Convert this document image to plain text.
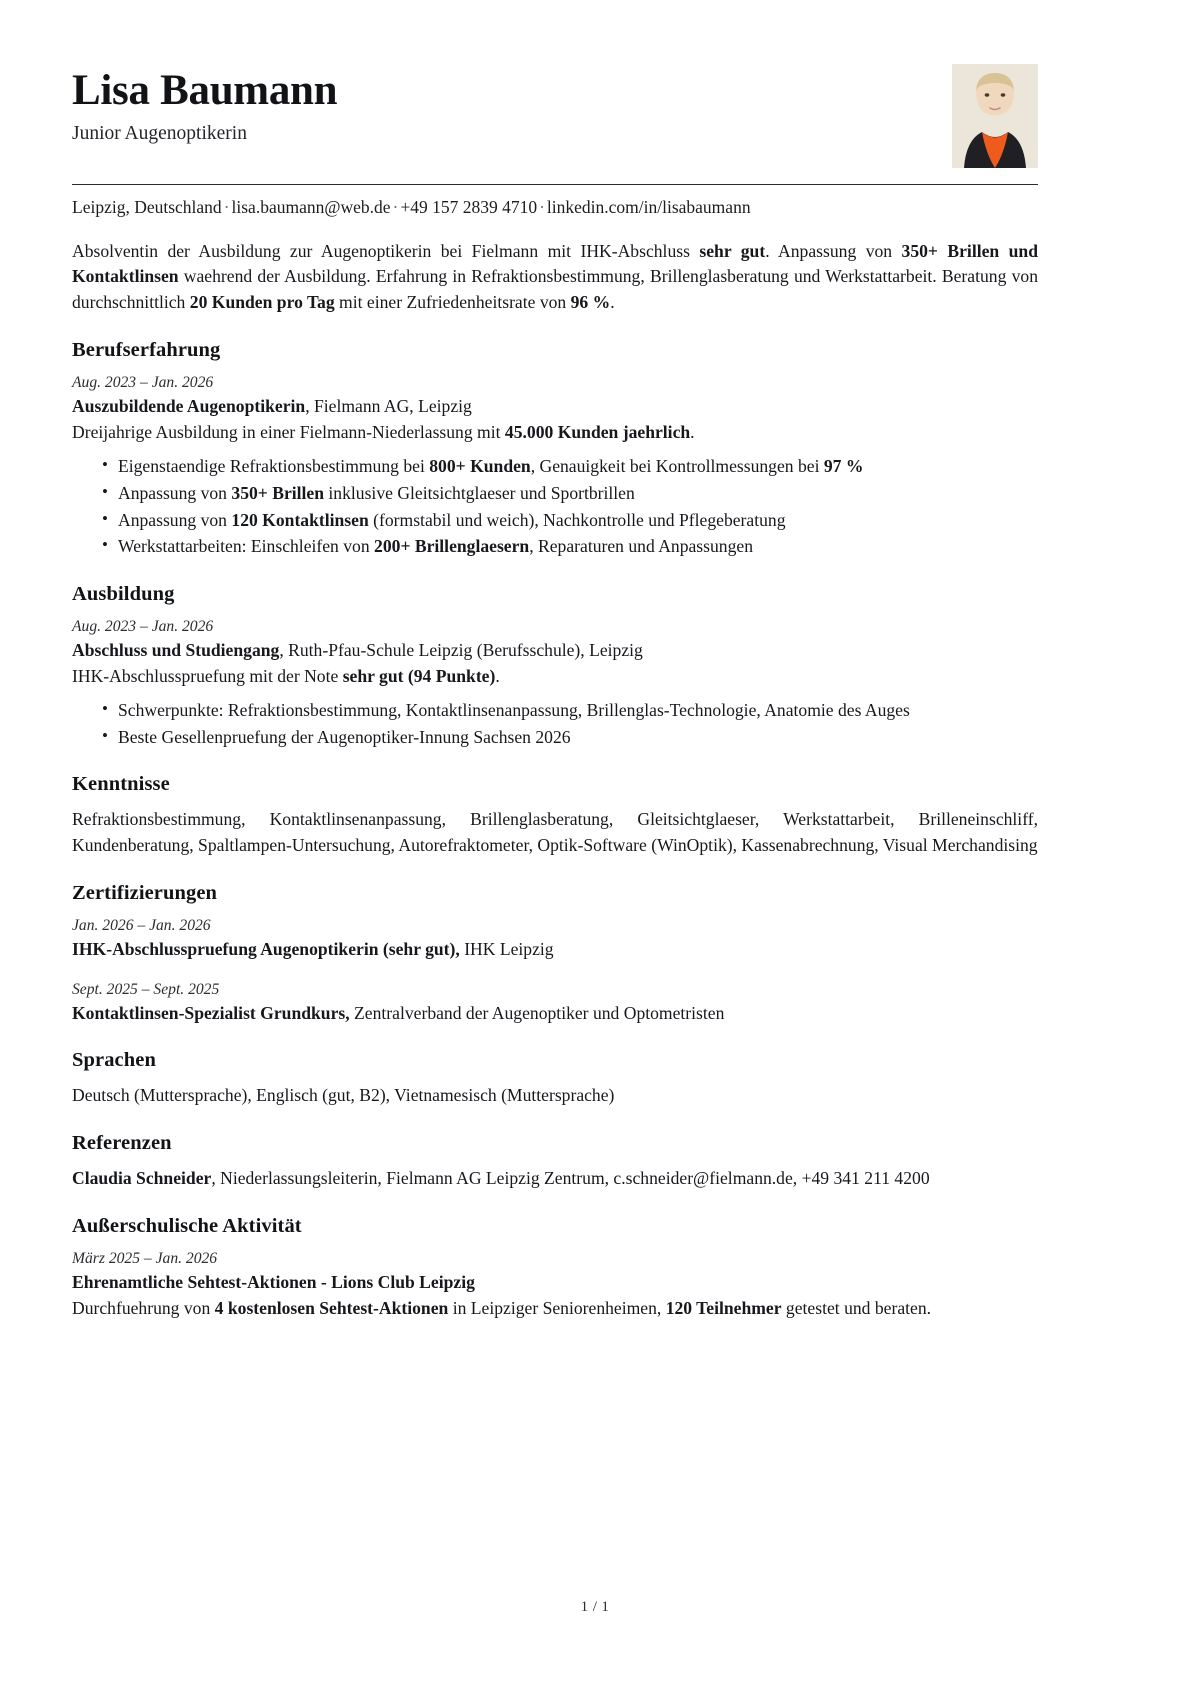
Lisa Baumann
Junior Augenoptikerin
Leipzig, Deutschland · lisa.baumann@web.de · +49 157 2839 4710 · linkedin.com/in/lisabaumann
Absolventin der Ausbildung zur Augenoptikerin bei Fielmann mit IHK-Abschluss sehr gut. Anpassung von 350+ Brillen und Kontaktlinsen waehrend der Ausbildung. Erfahrung in Refraktionsbestimmung, Brillenglasberatung und Werkstattarbeit. Beratung von durchschnittlich 20 Kunden pro Tag mit einer Zufriedenheitsrate von 96 %.
Berufserfahrung
Aug. 2023 – Jan. 2026
Auszubildende Augenoptikerin, Fielmann AG, Leipzig
Dreijahrige Ausbildung in einer Fielmann-Niederlassung mit 45.000 Kunden jaehrlich.
• Eigenstaendige Refraktionsbestimmung bei 800+ Kunden, Genauigkeit bei Kontrollmessungen bei 97 %
• Anpassung von 350+ Brillen inklusive Gleitsichtglaeser und Sportbrillen
• Anpassung von 120 Kontaktlinsen (formstabil und weich), Nachkontrolle und Pflegeberatung
• Werkstattarbeiten: Einschleifen von 200+ Brillenglaesern, Reparaturen und Anpassungen
Ausbildung
Aug. 2023 – Jan. 2026
Abschluss und Studiengang, Ruth-Pfau-Schule Leipzig (Berufsschule), Leipzig
IHK-Abschlusspruefung mit der Note sehr gut (94 Punkte).
• Schwerpunkte: Refraktionsbestimmung, Kontaktlinsenanpassung, Brillenglas-Technologie, Anatomie des Auges
• Beste Gesellenpruefung der Augenoptiker-Innung Sachsen 2026
Kenntnisse
Refraktionsbestimmung, Kontaktlinsenanpassung, Brillenglasberatung, Gleitsichtglaeser, Werkstattarbeit, Brilleneinschliff, Kundenberatung, Spaltlampen-Untersuchung, Autorefraktometer, Optik-Software (WinOptik), Kassenabrechnung, Visual Merchandising
Zertifizierungen
Jan. 2026 – Jan. 2026
IHK-Abschlusspruefung Augenoptikerin (sehr gut), IHK Leipzig
Sept. 2025 – Sept. 2025
Kontaktlinsen-Spezialist Grundkurs, Zentralverband der Augenoptiker und Optometristen
Sprachen
Deutsch (Muttersprache), Englisch (gut, B2), Vietnamesisch (Muttersprache)
Referenzen
Claudia Schneider, Niederlassungsleiterin, Fielmann AG Leipzig Zentrum, c.schneider@fielmann.de, +49 341 211 4200
Außerschulische Aktivität
März 2025 – Jan. 2026
Ehrenamtliche Sehtest-Aktionen - Lions Club Leipzig
Durchfuehrung von 4 kostenlosen Sehtest-Aktionen in Leipziger Seniorenheimen, 120 Teilnehmer getestet und beraten.
1 / 1
